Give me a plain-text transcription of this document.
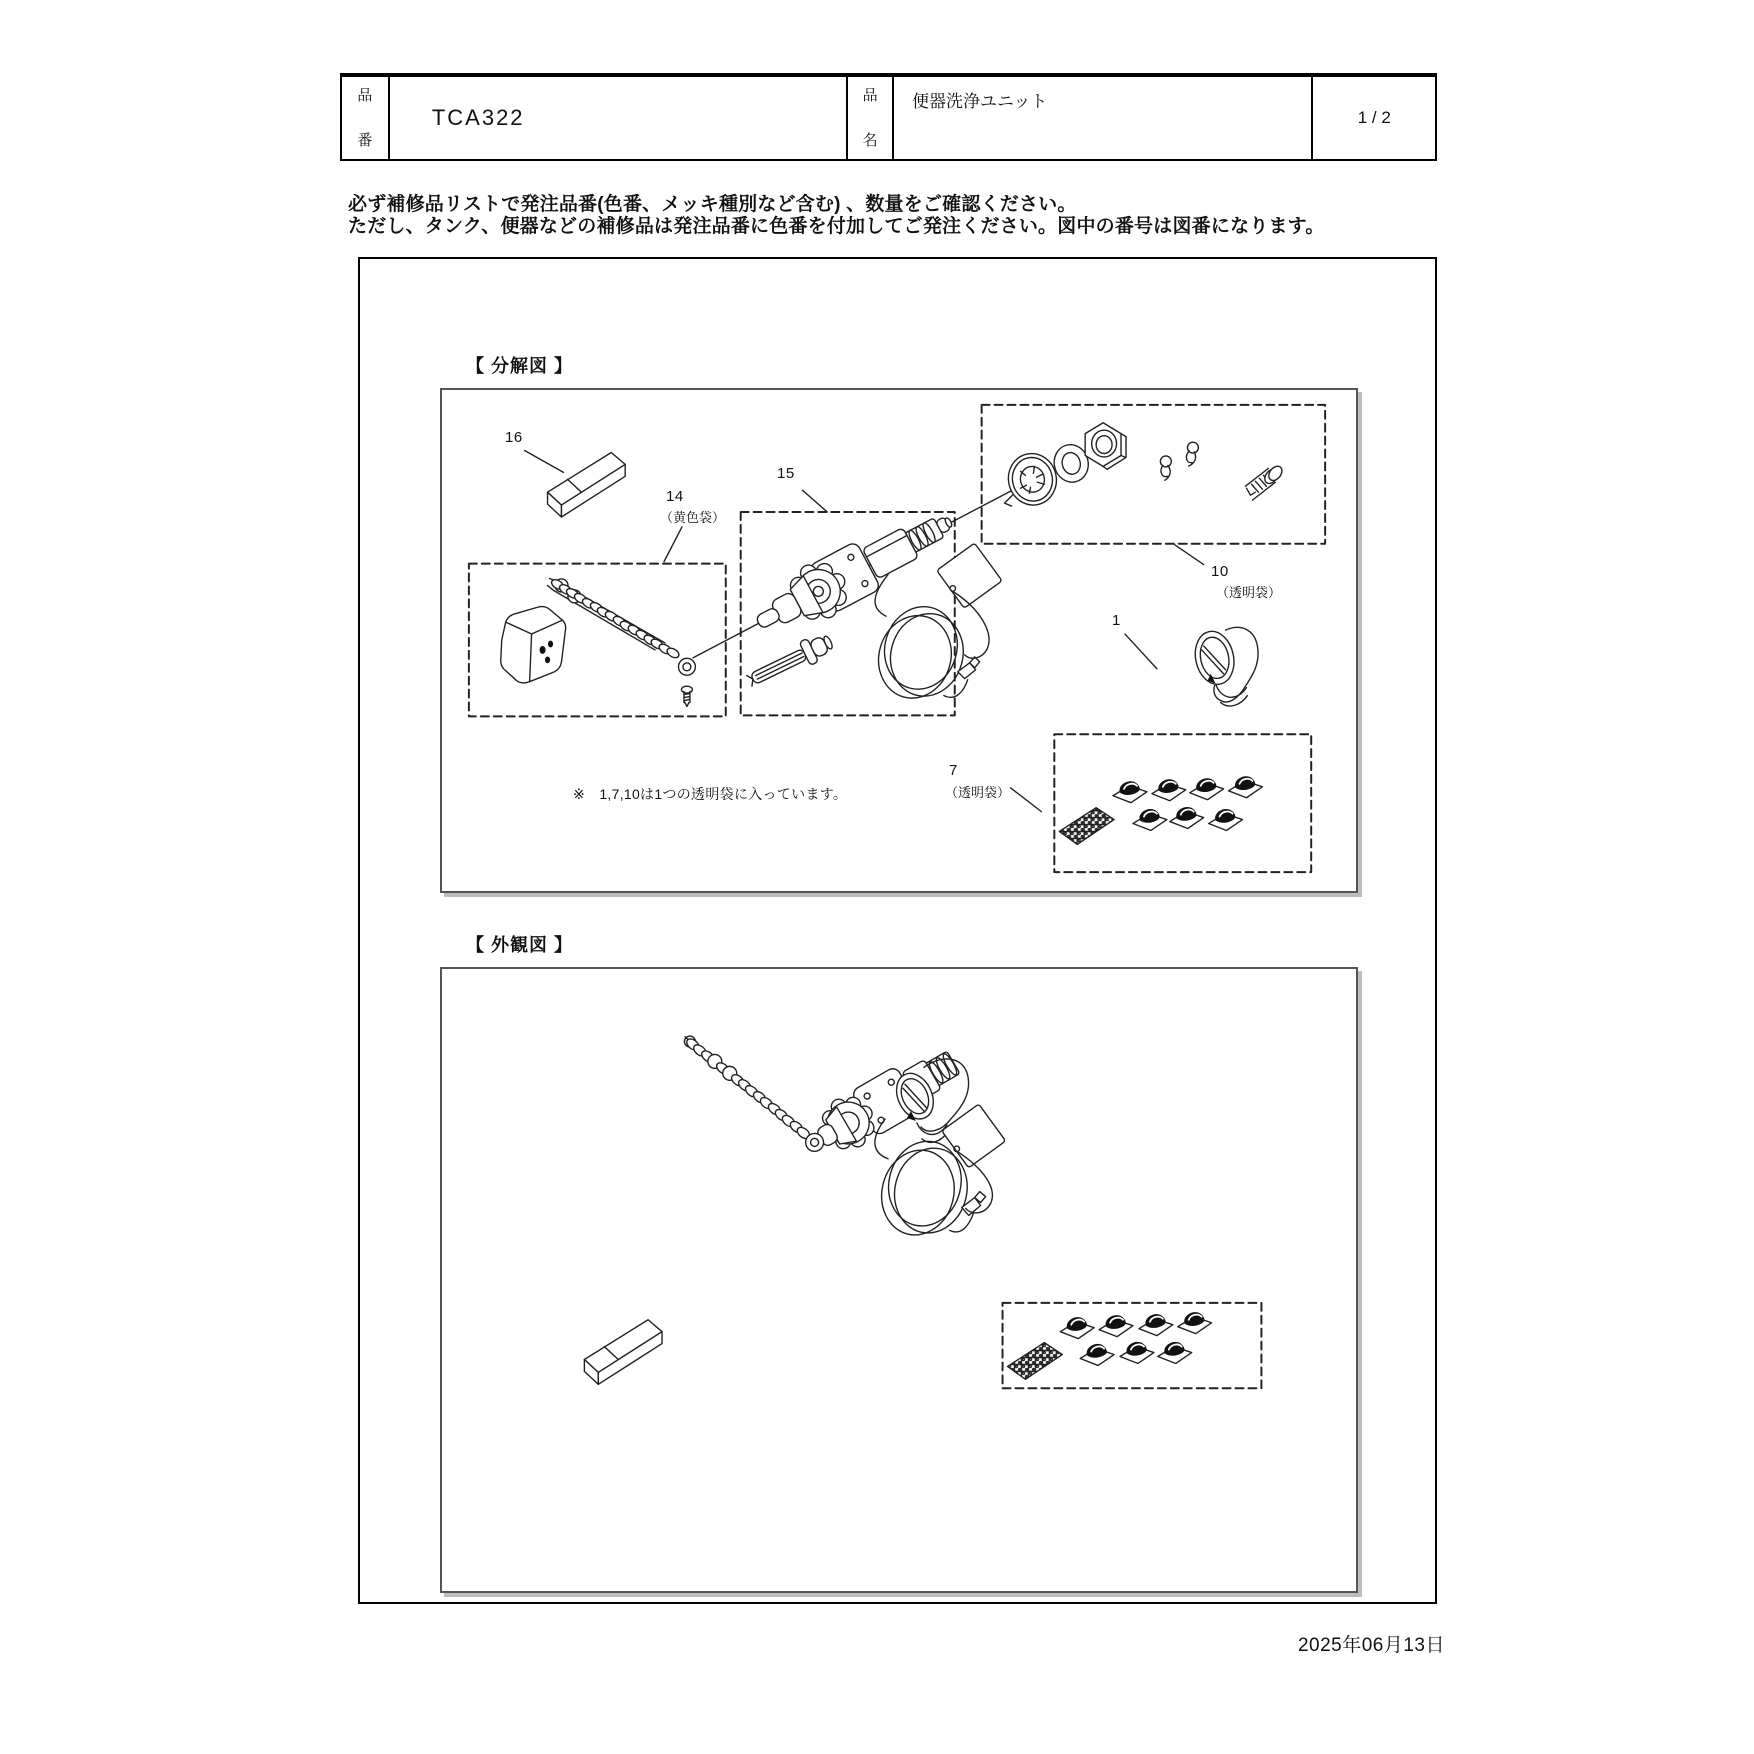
品
番
TCA322
品
名
便器洗浄ユニット
1 / 2
必ず補修品リストで発注品番(色番、メッキ種別など含む) 、数量をご確認ください。
ただし、タンク、便器などの補修品は発注品番に色番を付加してご発注ください。図中の番号は図番になります。
【 分解図 】
【 外観図 】
16
14
（黄色袋）
15
10
（透明袋）
1
7
（透明袋）
※　1,7,10は1つの透明袋に入っています。
2025年06月13日
